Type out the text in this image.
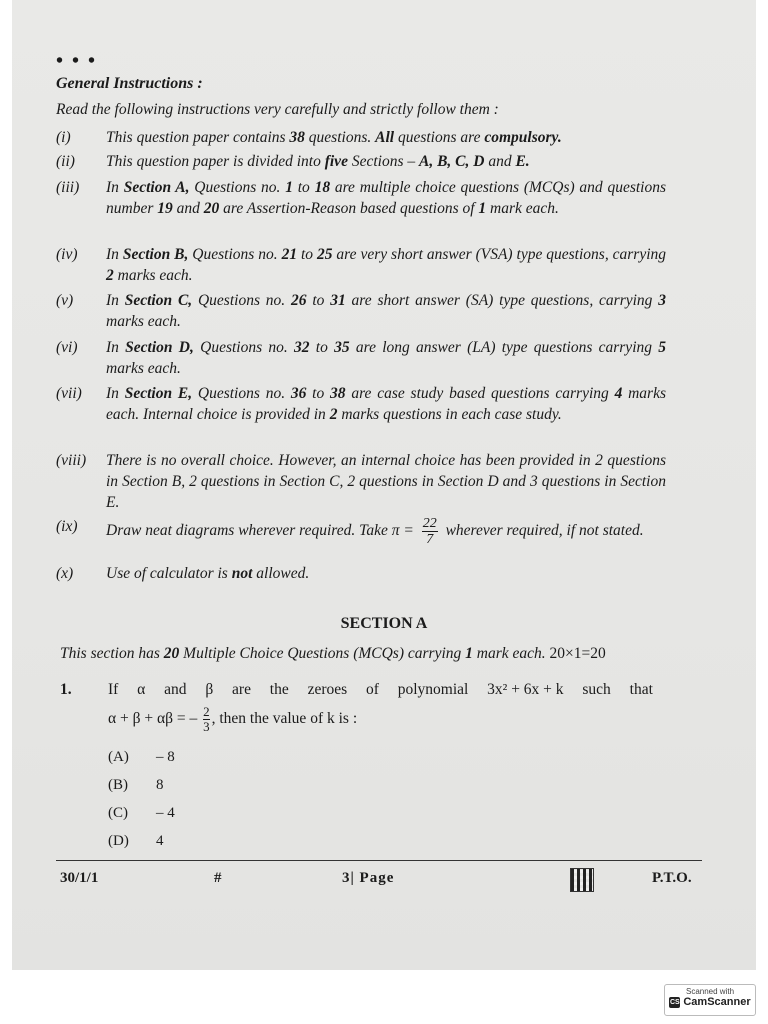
• • •
General Instructions :
Read the following instructions very carefully and strictly follow them :
(i)	This question paper contains 38 questions. All questions are compulsory.
(ii)	This question paper is divided into five Sections – A, B, C, D and E.
(iii)	In Section A, Questions no. 1 to 18 are multiple choice questions (MCQs) and questions number 19 and 20 are Assertion-Reason based questions of 1 mark each.
(iv)	In Section B, Questions no. 21 to 25 are very short answer (VSA) type questions, carrying 2 marks each.
(v)	In Section C, Questions no. 26 to 31 are short answer (SA) type questions, carrying 3 marks each.
(vi)	In Section D, Questions no. 32 to 35 are long answer (LA) type questions carrying 5 marks each.
(vii)	In Section E, Questions no. 36 to 38 are case study based questions carrying 4 marks each. Internal choice is provided in 2 marks questions in each case study.
(viii)	There is no overall choice. However, an internal choice has been provided in 2 questions in Section B, 2 questions in Section C, 2 questions in Section D and 3 questions in Section E.
(ix)	Draw neat diagrams wherever required. Take $\pi = \frac{22}{7}$ wherever required, if not stated.
(x)	Use of calculator is not allowed.
SECTION A
This section has 20 Multiple Choice Questions (MCQs) carrying 1 mark each. 20×1=20
1. If α and β are the zeroes of polynomial 3x² + 6x + k such that
α + β + αβ = – $\frac{2}{3}$ , then the value of k is :
(A) – 8
(B) 8
(C) – 4
(D) 4
30/1/1	#	3| Page	P.T.O.
Scanned with
CS CamScanner
